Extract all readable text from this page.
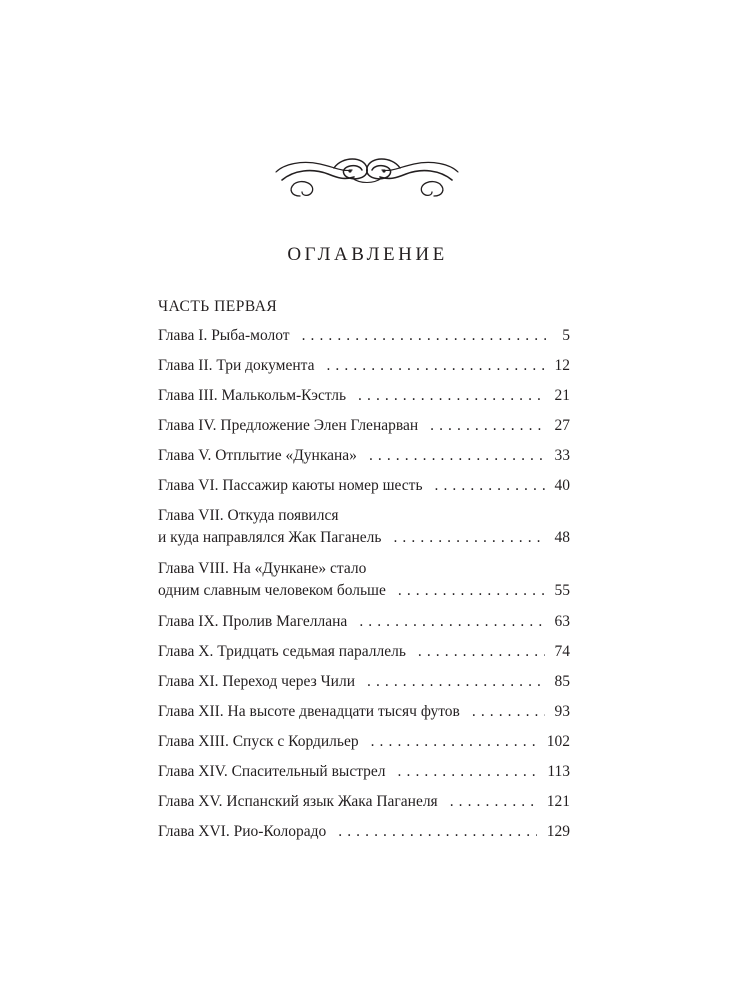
оглавление
ЧАСТЬ ПЕРВАЯ
Глава I. Рыба-молот . . .	5
Глава II. Три документа . . .	12
Глава III. Малькольм-Кэстль . . .	21
Глава IV. Предложение Элен Гленарван . . .	27
Глава V. Отплытие «Дункана» . . .	33
Глава VI. Пассажир каюты номер шесть . . .	40
Глава VII. Откуда появился
и куда направлялся Жак Паганель . . .	48
Глава VIII. На «Дункане» стало
одним славным человеком больше . . .	55
Глава IX. Пролив Магеллана . . .	63
Глава X. Тридцать седьмая параллель . . .	74
Глава XI. Переход через Чили . . .	85
Глава XII. На высоте двенадцати тысяч футов . . .	93
Глава XIII. Спуск с Кордильер . . .	102
Глава XIV. Спасительный выстрел . . .	113
Глава XV. Испанский язык Жака Паганеля . . .	121
Глава XVI. Рио-Колорадо . . .	129
